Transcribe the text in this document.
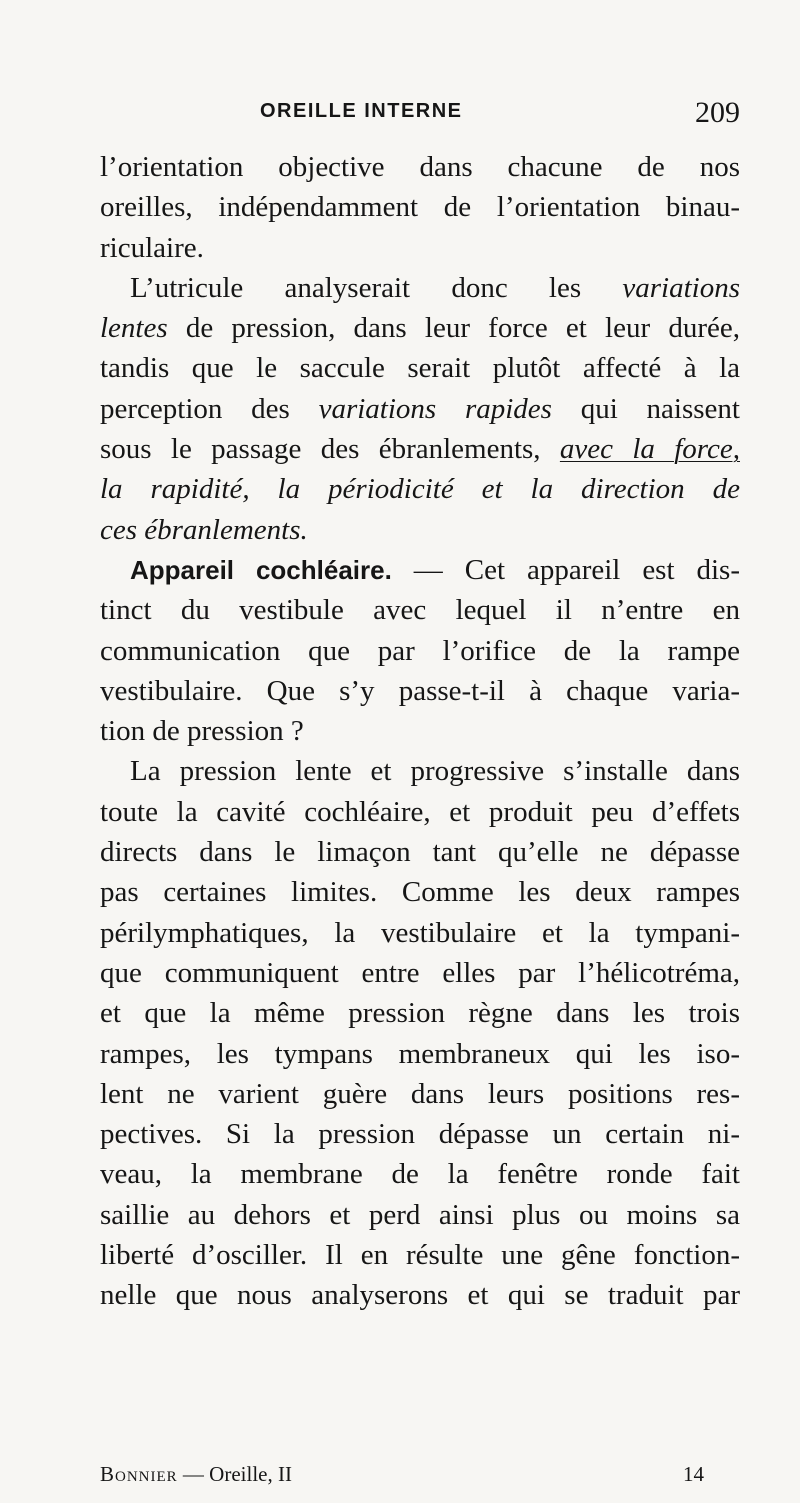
OREILLE INTERNE	209
l’orientation objective dans chacune de nos
oreilles, indépendamment de l’orientation binau-
riculaire.
L’utricule analyserait donc les variations
lentes de pression, dans leur force et leur durée,
tandis que le saccule serait plutôt affecté à la
perception des variations rapides qui naissent
sous le passage des ébranlements, avec la force,
la rapidité, la périodicité et la direction de
ces ébranlements.
Appareil cochléaire. — Cet appareil est dis-
tinct du vestibule avec lequel il n’entre en
communication que par l’orifice de la rampe
vestibulaire. Que s’y passe-t-il à chaque varia-
tion de pression ?
La pression lente et progressive s’installe dans
toute la cavité cochléaire, et produit peu d’effets
directs dans le limaçon tant qu’elle ne dépasse
pas certaines limites. Comme les deux rampes
périlymphatiques, la vestibulaire et la tympani-
que communiquent entre elles par l’hélicotréma,
et que la même pression règne dans les trois
rampes, les tympans membraneux qui les iso-
lent ne varient guère dans leurs positions res-
pectives. Si la pression dépasse un certain ni-
veau, la membrane de la fenêtre ronde fait
saillie au dehors et perd ainsi plus ou moins sa
liberté d’osciller. Il en résulte une gêne fonction-
nelle que nous analyserons et qui se traduit par
Bonnier — Oreille, II	14
